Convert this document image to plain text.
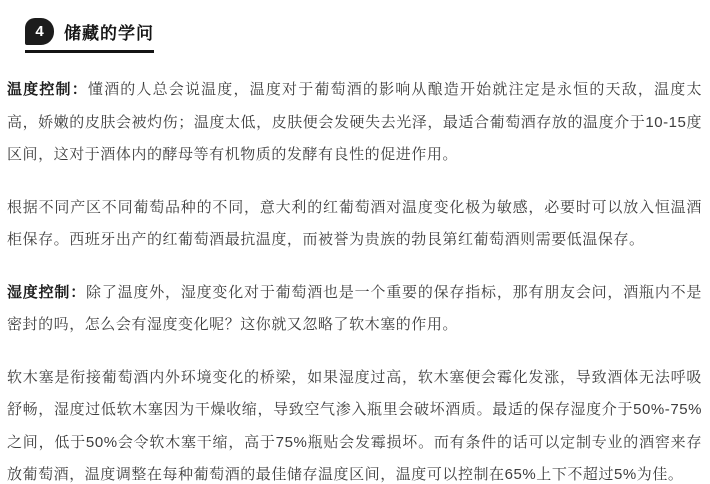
4	储藏的学问

温度控制：懂酒的人总会说温度，温度对于葡萄酒的影响从酿造开始就注定是永恒的天敌，温度太高，娇嫩的皮肤会被灼伤；温度太低，皮肤便会发硬失去光泽，最适合葡萄酒存放的温度介于10-15度区间，这对于酒体内的酵母等有机物质的发酵有良性的促进作用。

根据不同产区不同葡萄品种的不同，意大利的红葡萄酒对温度变化极为敏感，必要时可以放入恒温酒柜保存。西班牙出产的红葡萄酒最抗温度，而被誉为贵族的勃艮第红葡萄酒则需要低温保存。

湿度控制：除了温度外，湿度变化对于葡萄酒也是一个重要的保存指标，那有朋友会问，酒瓶内不是密封的吗，怎么会有湿度变化呢？这你就又忽略了软木塞的作用。

软木塞是衔接葡萄酒内外环境变化的桥梁，如果湿度过高，软木塞便会霉化发涨，导致酒体无法呼吸舒畅，湿度过低软木塞因为干燥收缩，导致空气渗入瓶里会破坏酒质。最适的保存湿度介于50%-75%之间，低于50%会令软木塞干缩，高于75%瓶贴会发霉损坏。而有条件的话可以定制专业的酒窖来存放葡萄酒，温度调整在每种葡萄酒的最佳储存温度区间，温度可以控制在65%上下不超过5%为佳。
